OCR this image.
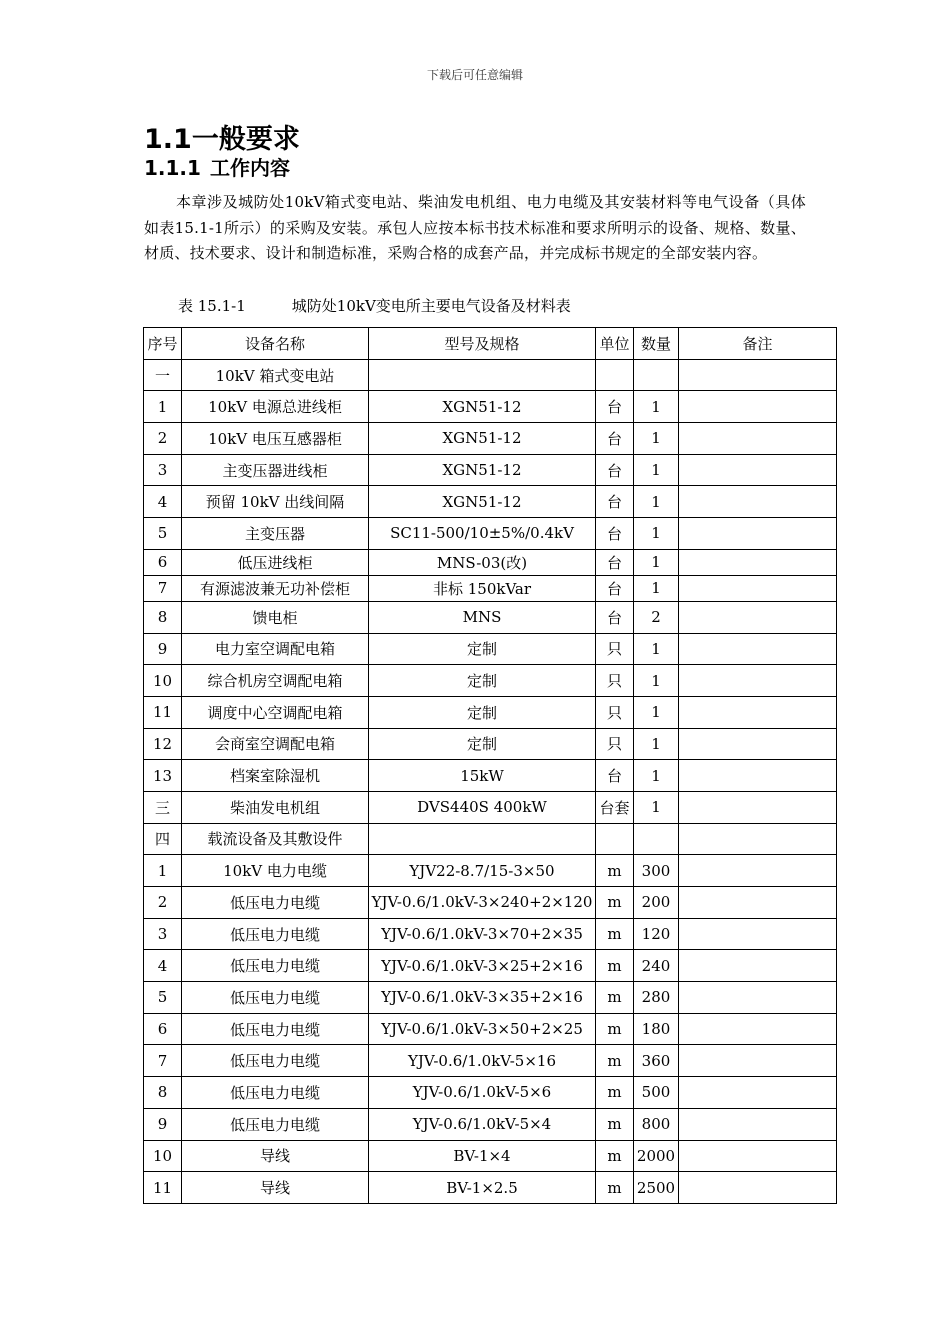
下载后可任意编辑
1.1一般要求
1.1.1 工作内容
本章涉及城防处10kV箱式变电站、柴油发电机组、电力电缆及其安装材料等电气设备（具体如表15.1-1所示）的采购及安装。承包人应按本标书技术标准和要求所明示的设备、规格、数量、材质、技术要求、设计和制造标准，采购合格的成套产品，并完成标书规定的全部安装内容。
表 15.1-1	城防处10kV变电所主要电气设备及材料表
序号	设备名称	型号及规格	单位	数量	备注
一	10kV 箱式变电站				
1	10kV 电源总进线柜	XGN51-12	台	1	
2	10kV 电压互感器柜	XGN51-12	台	1	
3	主变压器进线柜	XGN51-12	台	1	
4	预留 10kV 出线间隔	XGN51-12	台	1	
5	主变压器	SC11-500/10±5%/0.4kV	台	1	
6	低压进线柜	MNS-03(改)	台	1	
7	有源滤波兼无功补偿柜	非标 150kVar	台	1	
8	馈电柜	MNS	台	2	
9	电力室空调配电箱	定制	只	1	
10	综合机房空调配电箱	定制	只	1	
11	调度中心空调配电箱	定制	只	1	
12	会商室空调配电箱	定制	只	1	
13	档案室除湿机	15kW	台	1	
三	柴油发电机组	DVS440S 400kW	台套	1	
四	载流设备及其敷设件				
1	10kV 电力电缆	YJV22-8.7/15-3×50	m	300	
2	低压电力电缆	YJV-0.6/1.0kV-3×240+2×120	m	200	
3	低压电力电缆	YJV-0.6/1.0kV-3×70+2×35	m	120	
4	低压电力电缆	YJV-0.6/1.0kV-3×25+2×16	m	240	
5	低压电力电缆	YJV-0.6/1.0kV-3×35+2×16	m	280	
6	低压电力电缆	YJV-0.6/1.0kV-3×50+2×25	m	180	
7	低压电力电缆	YJV-0.6/1.0kV-5×16	m	360	
8	低压电力电缆	YJV-0.6/1.0kV-5×6	m	500	
9	低压电力电缆	YJV-0.6/1.0kV-5×4	m	800	
10	导线	BV-1×4	m	2000	
11	导线	BV-1×2.5	m	2500	
